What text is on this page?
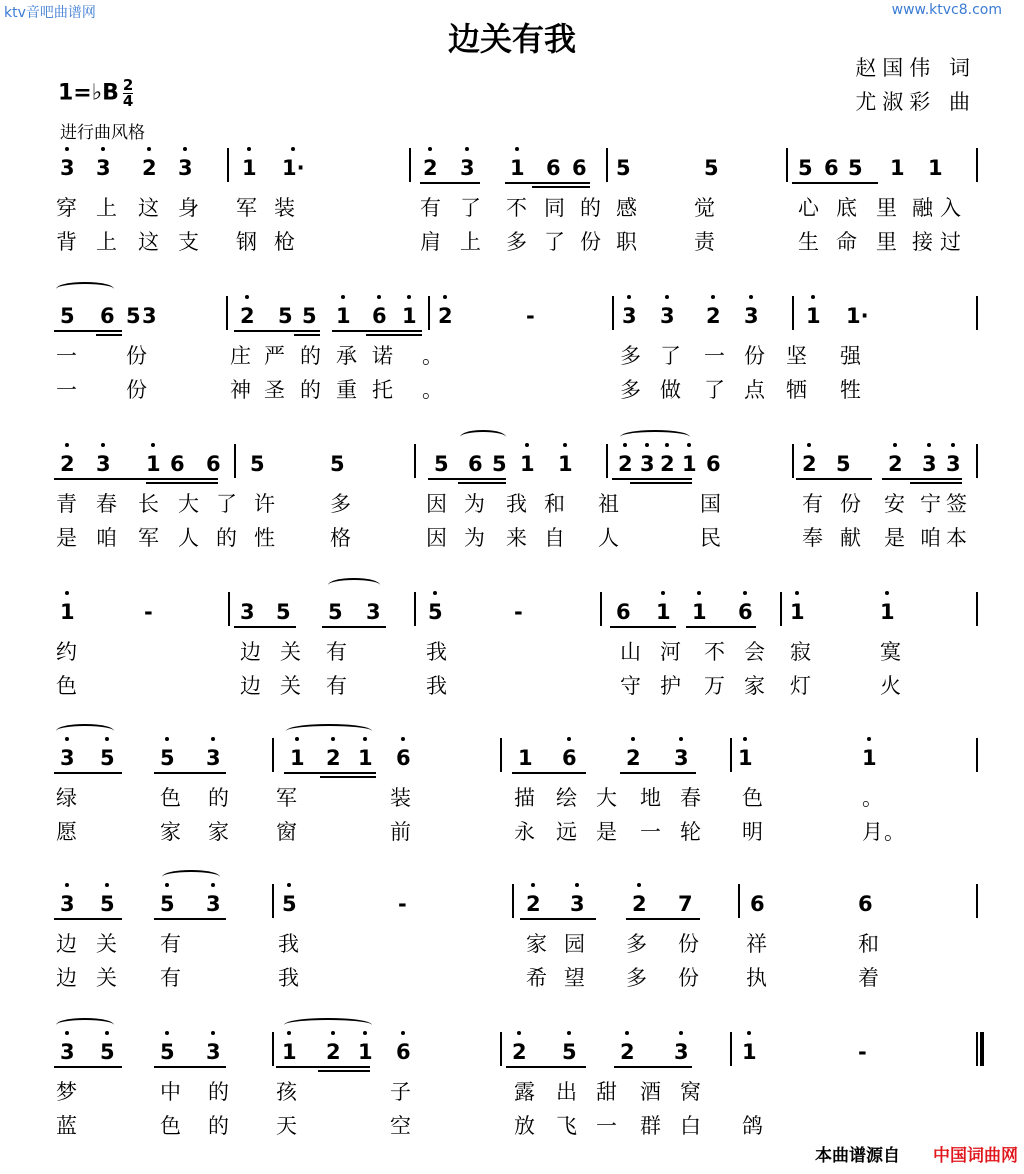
ktv音吧曲谱网	www.ktvc8.com
边关有我
赵国伟 词
尤淑彩 曲
1=♭B $\frac{2}{4}$
进行曲风格
3 3 2 3 1 1·	2 3 1 6 6 5	5	5 6 5 1 1
穿 上 这 身 军 装	有 了 不 同 的 感	觉	心 底 里 融 入
背 上 这 支 钢 枪	肩 上 多 了 份 职	责	生 命 里 接 过
5 6 5 3	2 5 5 1 6 1 2	-	3 3 2 3 1 1·
一 份	庄 严 的 承 诺 。	多 了 一 份 坚 强
一 份	神 圣 的 重 托 。	多 做 了 点 牺 牲
2 3 1 6 6 5	5	5 6 5 1 1 2 3 2 1 6	2 5 2 3 3
青 春 长 大 了 许	多	因 为 我 和 祖	国	有 份 安 宁 签
是 咱 军 人 的 性	格	因 为 来 自 人	民	奉 献 是 咱 本
1	-	3 5 5 3 5	-	6 1 1 6 1	1
约	边 关 有	我	山 河 不 会 寂	寞
色	边 关 有	我	守 护 万 家 灯	火
3 5 5 3	1 2 1 6	1 6 2 3 1	1
绿	色 的 军	装	描 绘 大 地 春 色	。
愿	家 家 窗	前	永 远 是 一 轮 明	月 。
3 5 5 3	5	-	2 3 2 7	6	6
边 关 有	我	家 园 多 份 祥	和
边 关 有	我	希 望 多 份 执	着
3 5 5 3	1 2 1 6	2 5 2 3	1	-
梦	中 的 孩	子	露 出 甜 酒 窝
蓝	色 的 天	空	放 飞 一 群 白 鸽
本曲谱源自 中国词曲网
